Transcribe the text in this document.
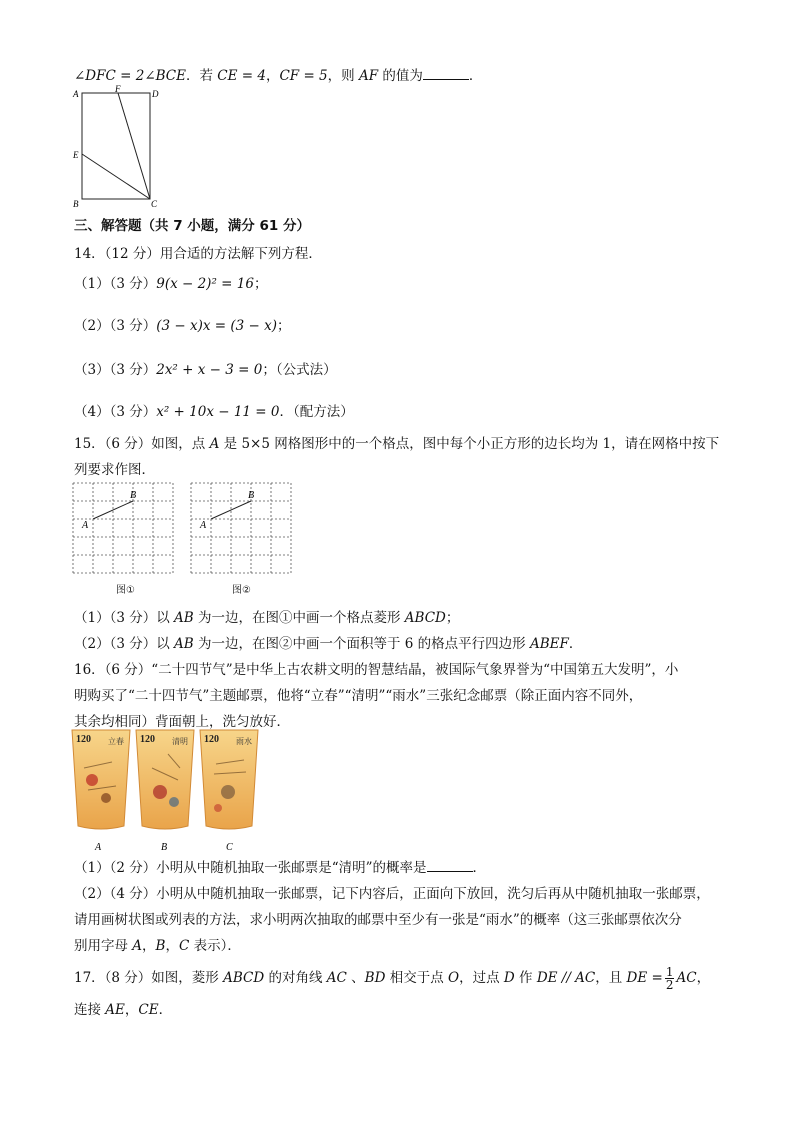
∠DFC = 2∠BCE．若 CE = 4，CF = 5，则 AF 的值为	．
A	F	D
E
B	C
三、解答题（共 7 小题，满分 61 分）
14．（12 分）用合适的方法解下列方程．
（1）（3 分）9(x − 2)² = 16；
（2）（3 分）(3 − x)x = (3 − x)；
（3）（3 分）2x² + x − 3 = 0；（公式法）
（4）（3 分）x² + 10x − 11 = 0．（配方法）
15．（6 分）如图，点 A 是 5×5 网格图形中的一个格点，图中每个小正方形的边长均为 1，请在网格中按下
列要求作图．
A
B
图①
A
B
图②
（1）（3 分）以 AB 为一边，在图①中画一个格点菱形 ABCD；
（2）（3 分）以 AB 为一边，在图②中画一个面积等于 6 的格点平行四边形 ABEF．
16．（6 分）“二十四节气”是中华上古农耕文明的智慧结晶，被国际气象界誉为“中国第五大发明”，小
明购买了“二十四节气”主题邮票，他将“立春”“清明”“雨水”三张纪念邮票（除正面内容不同外，
其余均相同）背面朝上，洗匀放好．
120 立春 120 清明 120 雨水
A	B	C
（1）（2 分）小明从中随机抽取一张邮票是“清明”的概率是	．
（2）（4 分）小明从中随机抽取一张邮票，记下内容后，正面向下放回，洗匀后再从中随机抽取一张邮票，
请用画树状图或列表的方法，求小明两次抽取的邮票中至少有一张是“雨水”的概率（这三张邮票依次分
别用字母 A，B，C 表示）．
17．（8 分）如图，菱形 ABCD 的对角线 AC 、BD 相交于点 O，过点 D 作 DE // AC，且 DE = $\frac{1}{2}$ AC，
连接 AE，CE．
